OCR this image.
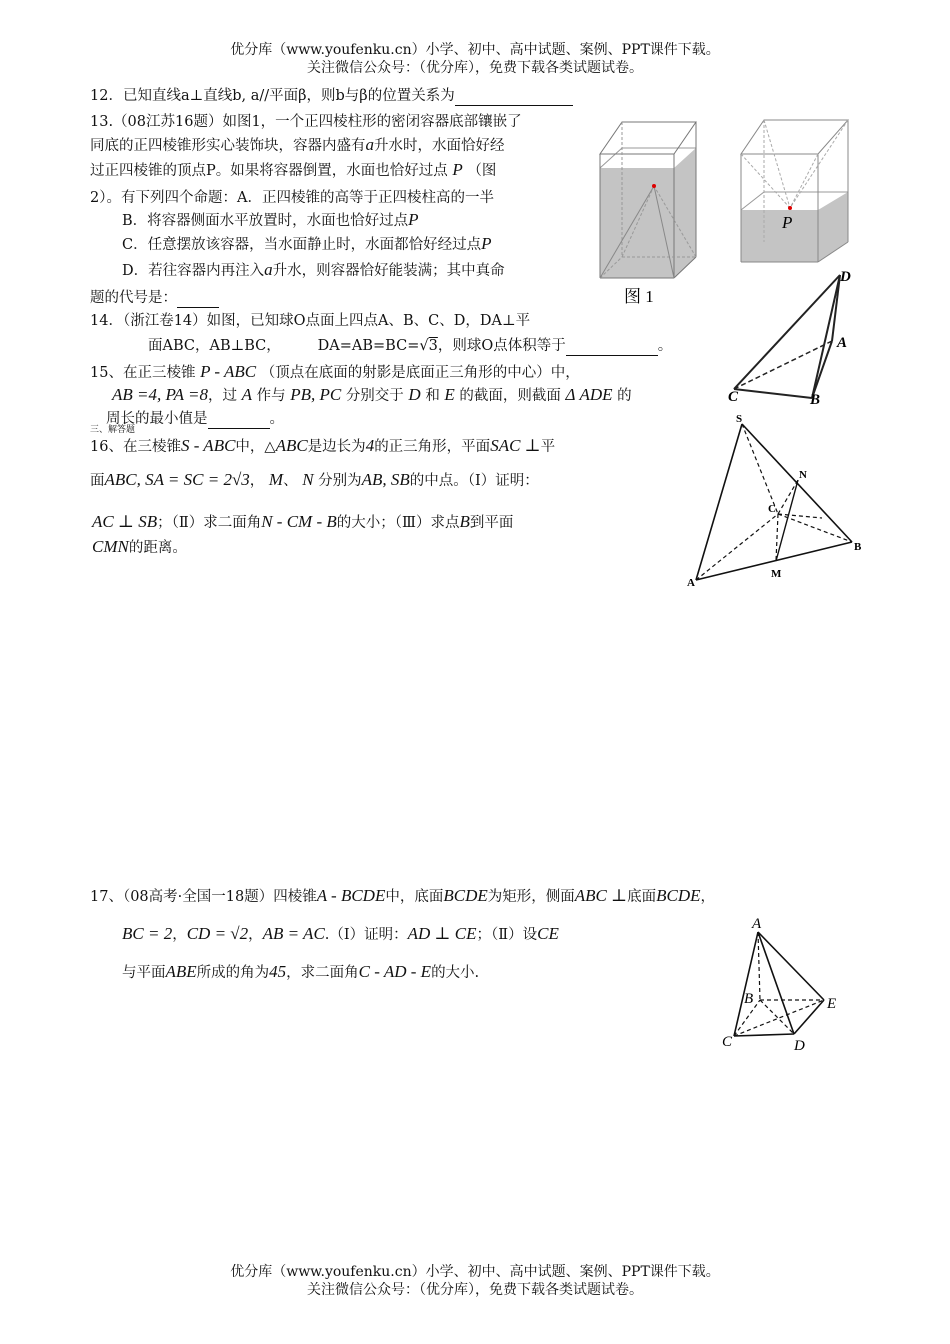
优分库（www.youfenku.cn）小学、初中、高中试题、案例、PPT课件下载。
关注微信公众号：（优分库），免费下载各类试题试卷。
12．已知直线a⊥直线b, a//平面β，则b与β的位置关系为
13.（08江苏16题）如图1，一个正四棱柱形的密闭容器底部镶嵌了
同底的正四棱锥形实心装饰块，容器内盛有a升水时，水面恰好经
过正四棱锥的顶点P。如果将容器倒置，水面也恰好过点 P （图
2）。有下列四个命题：A．正四棱锥的高等于正四棱柱高的一半
B．将容器侧面水平放置时，水面也恰好过点P
C．任意摆放该容器，当水面静止时，水面都恰好经过点P
D．若往容器内再注入a升水，则容器恰好能装满；其中真命
题的代号是：
P
图 1
14．（浙江卷14）如图，已知球O点面上四点A、B、C、D，DA⊥平
面ABC，AB⊥BC，	DA=AB=BC=√3，则球O点体积等于	。
D
A
B
C
15、在正三棱锥 P - ABC （顶点在底面的射影是底面正三角形的中心）中，
AB =4, PA =8，过 A 作与 PB, PC 分别交于 D 和 E 的截面，则截面 Δ ADE 的
周长的最小值是	。
三、解答题
16、在三棱锥S - ABC中，△ABC是边长为4的正三角形，平面SAC ⊥平
面ABC, SA = SC = 2√3， M、 N 分别为AB, SB的中点。（Ⅰ）证明：
AC ⊥ SB；（Ⅱ）求二面角N - CM - B的大小；（Ⅲ）求点B到平面
CMN的距离。
S
N
C
B
A
M
17、（08高考·全国一18题）四棱锥A - BCDE中，底面BCDE为矩形，侧面ABC ⊥底面BCDE，
BC = 2，CD = √2，AB = AC.（Ⅰ）证明：AD ⊥ CE；（Ⅱ）设CE
与平面ABE所成的角为45，求二面角C - AD - E的大小.
A
B	E
C	D
优分库（www.youfenku.cn）小学、初中、高中试题、案例、PPT课件下载。
关注微信公众号：（优分库），免费下载各类试题试卷。
